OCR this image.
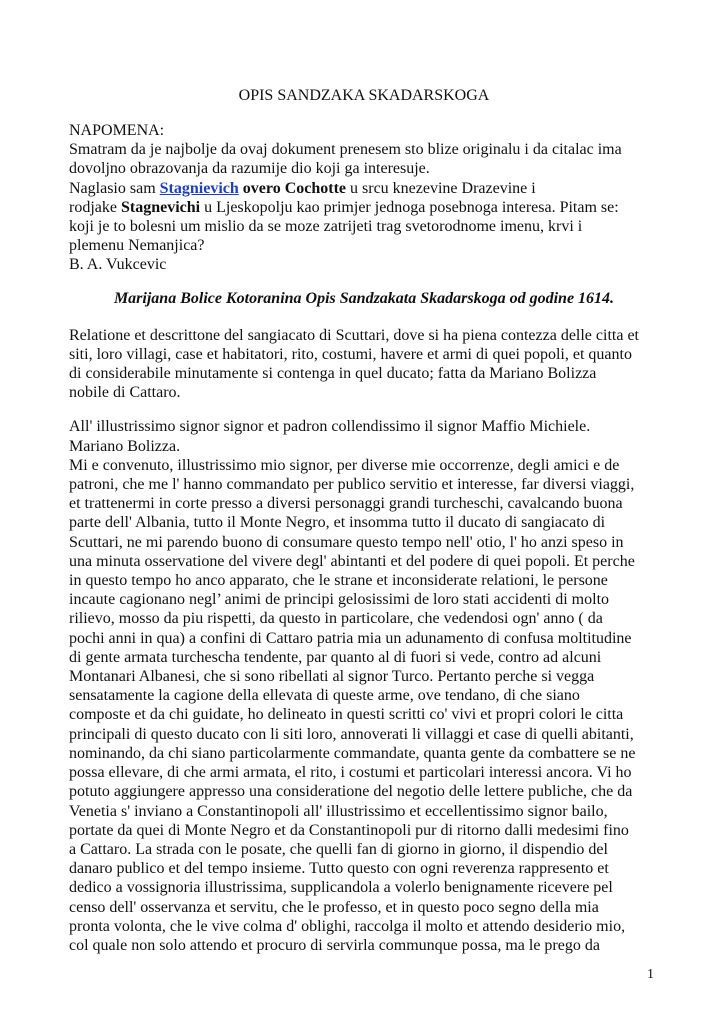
OPIS SANDZAKA SKADARSKOGA
NAPOMENA:
Smatram da je najbolje da ovaj dokument prenesem sto blize originalu i da citalac ima
dovoljno obrazovanja da razumije dio koji ga interesuje.
Naglasio sam Stagnievich overo Cochotte u srcu knezevine Drazevine i
rodjake Stagnevichi u Ljeskopolju kao primjer jednoga posebnoga interesa. Pitam se:
koji je to bolesni um mislio da se moze zatrijeti trag svetorodnome imenu, krvi i
plemenu Nemanjica?
B. A. Vukcevic
Marijana Bolice Kotoranina Opis Sandzakata Skadarskoga od godine 1614.
Relatione et descrittone del sangiacato di Scuttari, dove si ha piena contezza delle citta et
siti, loro villagi, case et habitatori, rito, costumi, havere et armi di quei popoli, et quanto
di considerabile minutamente si contenga in quel ducato; fatta da Mariano Bolizza
nobile di Cattaro.
All' illustrissimo signor signor et padron collendissimo il signor Maffio Michiele.
Mariano Bolizza.
Mi e convenuto, illustrissimo mio signor, per diverse mie occorrenze, degli amici e de
patroni, che me l' hanno commandato per publico servitio et interesse, far diversi viaggi,
et trattenermi in corte presso a diversi personaggi grandi turcheschi, cavalcando buona
parte dell' Albania, tutto il Monte Negro, et insomma tutto il ducato di sangiacato di
Scuttari, ne mi parendo buono di consumare questo tempo nell' otio, l' ho anzi speso in
una minuta osservatione del vivere degl' abintanti et del podere di quei popoli. Et perche
in questo tempo ho anco apparato, che le strane et inconsiderate relationi, le persone
incaute cagionano negl’ animi de principi gelosissimi de loro stati accidenti di molto
rilievo, mosso da piu rispetti, da questo in particolare, che vedendosi ogn' anno ( da
pochi anni in qua) a confini di Cattaro patria mia un adunamento di confusa moltitudine
di gente armata turchescha tendente, par quanto al di fuori si vede, contro ad alcuni
Montanari Albanesi, che si sono ribellati al signor Turco. Pertanto perche si vegga
sensatamente la cagione della ellevata di queste arme, ove tendano, di che siano
composte et da chi guidate, ho delineato in questi scritti co' vivi et propri colori le citta
principali di questo ducato con li siti loro, annoverati li villaggi et case di quelli abitanti,
nominando, da chi siano particolarmente commandate, quanta gente da combattere se ne
possa ellevare, di che armi armata, el rito, i costumi et particolari interessi ancora. Vi ho
potuto aggiungere appresso una consideratione del negotio delle lettere publiche, che da
Venetia s' inviano a Constantinopoli all' illustrissimo et eccellentissimo signor bailo,
portate da quei di Monte Negro et da Constantinopoli pur di ritorno dalli medesimi fino
a Cattaro. La strada con le posate, che quelli fan di giorno in giorno, il dispendio del
danaro publico et del tempo insieme. Tutto questo con ogni reverenza rappresento et
dedico a vossignoria illustrissima, supplicandola a volerlo benignamente ricevere pel
censo dell' osservanza et servitu, che le professo, et in questo poco segno della mia
pronta volonta, che le vive colma d' oblighi, raccolga il molto et attendo desiderio mio,
col quale non solo attendo et procuro di servirla communque possa, ma le prego da
1
